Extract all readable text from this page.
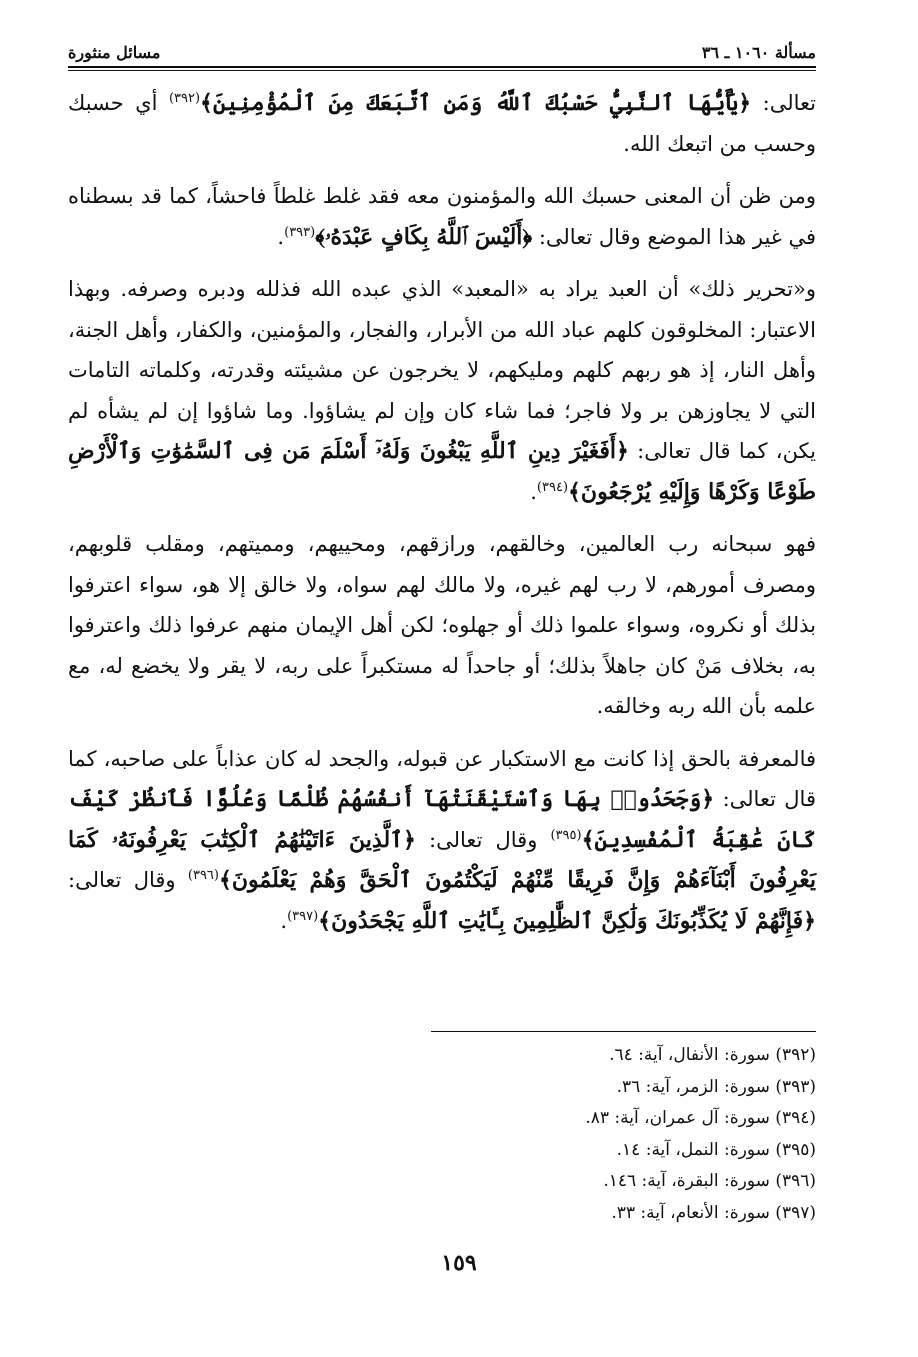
مسألة ١٠٦٠ ـ ٣٦
مسائل منثورة

تعالى: ﴿يَٰأَيُّهَا ٱلنَّبِيُّ حَسْبُكَ ٱللَّهُ وَمَنِ ٱتَّبَعَكَ مِنَ ٱلْمُؤْمِنِينَ﴾$^{(٣٩٢)}$ أي حسبك وحسب من اتبعك الله.

ومن ظن أن المعنى حسبك الله والمؤمنون معه فقد غلط غلطاً فاحشاً، كما قد بسطناه في غير هذا الموضع وقال تعالى: ﴿أَلَيْسَ ٱللَّهُ بِكَافٍ عَبْدَهُۥ﴾$^{(٣٩٣)}$.

و«تحرير ذلك» أن العبد يراد به «المعبد» الذي عبده الله فذلله ودبره وصرفه. وبهذا الاعتبار: المخلوقون كلهم عباد الله من الأبرار، والفجار، والمؤمنين، والكفار، وأهل الجنة، وأهل النار، إذ هو ربهم كلهم ومليكهم، لا يخرجون عن مشيئته وقدرته، وكلماته التامات التي لا يجاوزهن بر ولا فاجر؛ فما شاء كان وإن لم يشاؤوا. وما شاؤوا إن لم يشأه لم يكن، كما قال تعالى: ﴿أَفَغَيْرَ دِينِ ٱللَّهِ يَبْغُونَ وَلَهُۥٓ أَسْلَمَ مَن فِى ٱلسَّمَٰوَٰتِ وَٱلْأَرْضِ طَوْعًا وَكَرْهًا وَإِلَيْهِ يُرْجَعُونَ﴾$^{(٣٩٤)}$.

فهو سبحانه رب العالمين، وخالقهم، ورازقهم، ومحييهم، ومميتهم، ومقلب قلوبهم، ومصرف أمورهم، لا رب لهم غيره، ولا مالك لهم سواه، ولا خالق إلا هو، سواء اعترفوا بذلك أو نكروه، وسواء علموا ذلك أو جهلوه؛ لكن أهل الإيمان منهم عرفوا ذلك واعترفوا به، بخلاف مَنْ كان جاهلاً بذلك؛ أو جاحداً له مستكبراً على ربه، لا يقر ولا يخضع له، مع علمه بأن الله ربه وخالقه.

فالمعرفة بالحق إذا كانت مع الاستكبار عن قبوله، والجحد له كان عذاباً على صاحبه، كما قال تعالى: ﴿وَجَحَدُوا۟ بِهَا وَٱسْتَيْقَنَتْهَآ أَنفُسُهُمْ ظُلْمًا وَعُلُوًّا فَٱنظُرْ كَيْفَ كَانَ عَٰقِبَةُ ٱلْمُفْسِدِينَ﴾$^{(٣٩٥)}$ وقال تعالى: ﴿ٱلَّذِينَ ءَاتَيْنَٰهُمُ ٱلْكِتَٰبَ يَعْرِفُونَهُۥ كَمَا يَعْرِفُونَ أَبْنَآءَهُمْ وَإِنَّ فَرِيقًا مِّنْهُمْ لَيَكْتُمُونَ ٱلْحَقَّ وَهُمْ يَعْلَمُونَ﴾$^{(٣٩٦)}$ وقال تعالى: ﴿فَإِنَّهُمْ لَا يُكَذِّبُونَكَ وَلَٰكِنَّ ٱلظَّٰلِمِينَ بِـَٔايَٰتِ ٱللَّهِ يَجْحَدُونَ﴾$^{(٣٩٧)}$.

(٣٩٢) سورة: الأنفال، آية: ٦٤.
(٣٩٣) سورة: الزمر، آية: ٣٦.
(٣٩٤) سورة: آل عمران، آية: ٨٣.
(٣٩٥) سورة: النمل، آية: ١٤.
(٣٩٦) سورة: البقرة، آية: ١٤٦.
(٣٩٧) سورة: الأنعام، آية: ٣٣.
١٥٩
